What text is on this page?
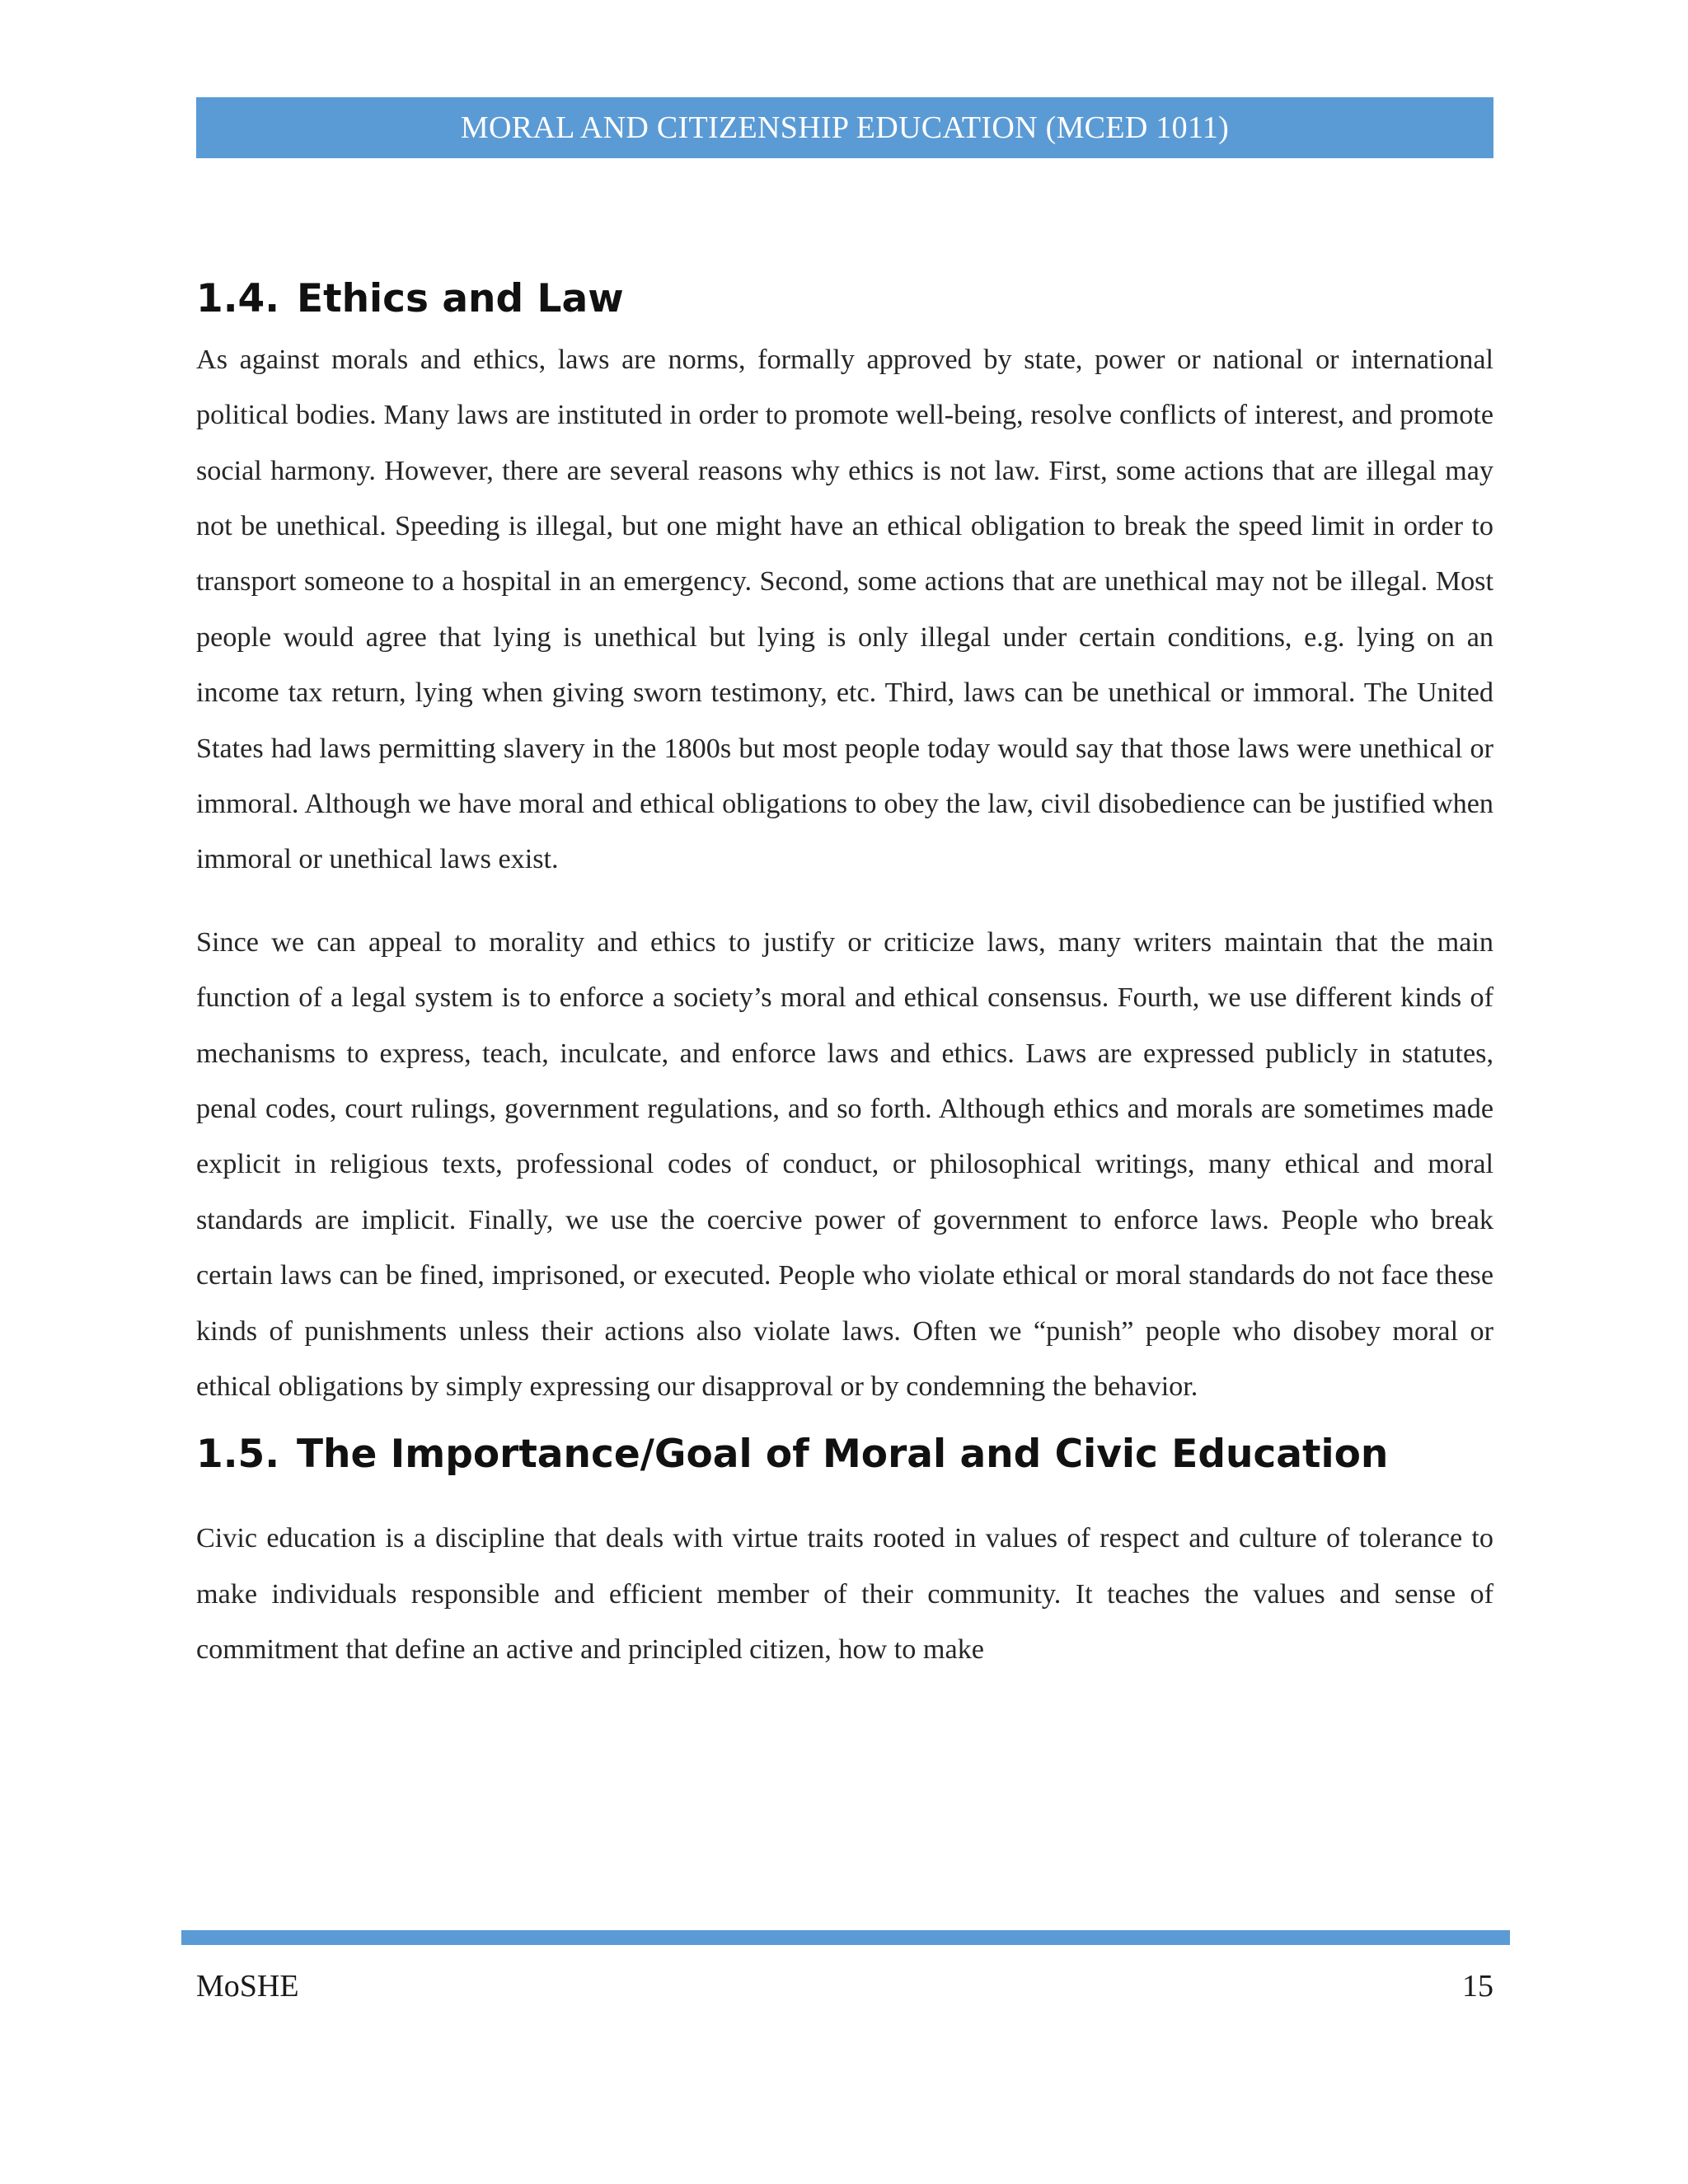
MORAL AND CITIZENSHIP EDUCATION (MCED 1011)
1.4. Ethics and Law

As against morals and ethics, laws are norms, formally approved by state, power or national or international political bodies. Many laws are instituted in order to promote well-being, resolve conflicts of interest, and promote social harmony. However, there are several reasons why ethics is not law. First, some actions that are illegal may not be unethical. Speeding is illegal, but one might have an ethical obligation to break the speed limit in order to transport someone to a hospital in an emergency. Second, some actions that are unethical may not be illegal. Most people would agree that lying is unethical but lying is only illegal under certain conditions, e.g. lying on an income tax return, lying when giving sworn testimony, etc. Third, laws can be unethical or immoral. The United States had laws permitting slavery in the 1800s but most people today would say that those laws were unethical or immoral. Although we have moral and ethical obligations to obey the law, civil disobedience can be justified when immoral or unethical laws exist.

Since we can appeal to morality and ethics to justify or criticize laws, many writers maintain that the main function of a legal system is to enforce a society’s moral and ethical consensus. Fourth, we use different kinds of mechanisms to express, teach, inculcate, and enforce laws and ethics. Laws are expressed publicly in statutes, penal codes, court rulings, government regulations, and so forth. Although ethics and morals are sometimes made explicit in religious texts, professional codes of conduct, or philosophical writings, many ethical and moral standards are implicit. Finally, we use the coercive power of government to enforce laws. People who break certain laws can be fined, imprisoned, or executed. People who violate ethical or moral standards do not face these kinds of punishments unless their actions also violate laws. Often we “punish” people who disobey moral or ethical obligations by simply expressing our disapproval or by condemning the behavior.

1.5. The Importance/Goal of Moral and Civic Education

Civic education is a discipline that deals with virtue traits rooted in values of respect and culture of tolerance to make individuals responsible and efficient member of their community. It teaches the values and sense of commitment that define an active and principled citizen, how to make

MoSHE	15
